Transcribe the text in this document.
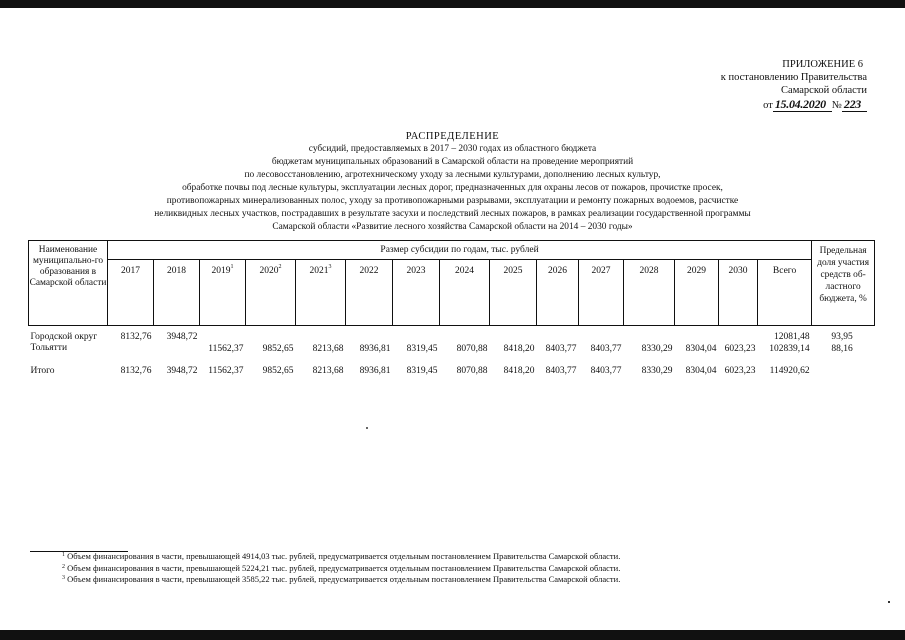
ПРИЛОЖЕНИЕ 6
к постановлению Правительства
Самарской области
от 15.04.2020 № 223
РАСПРЕДЕЛЕНИЕ
субсидий, предоставляемых в 2017 – 2030 годах из областного бюджета
бюджетам муниципальных образований в Самарской области на проведение мероприятий
по лесовосстановлению, агротехническому уходу за лесными культурами, дополнению лесных культур,
обработке почвы под лесные культуры, эксплуатации лесных дорог, предназначенных для охраны лесов от пожаров, прочистке просек,
противопожарных минерализованных полос, уходу за противопожарными разрывами, эксплуатации и ремонту пожарных водоемов, расчистке
неликвидных лесных участков, пострадавших в результате засухи и последствий лесных пожаров, в рамках реализации государственной программы
Самарской области «Развитие лесного хозяйства Самарской области на 2014 – 2030 годы»
Наименование муниципально-го образования в Самарской области	Размер субсидии по годам, тыс. рублей															Предельная доля участия средств об-ластного бюджета, %
	2017	2018	2019$^1$	2020$^2$	2021$^3$	2022	2023	2024	2025	2026	2027	2028	2029	2030	Всего	
Городской округ Тольятти	8132,76	3948,72													12081,48	93,95
			11562,37	9852,65	8213,68	8936,81	8319,45	8070,88	8418,20	8403,77	8403,77	8330,29	8304,04	6023,23	102839,14	88,16
Итого	8132,76	3948,72	11562,37	9852,65	8213,68	8936,81	8319,45	8070,88	8418,20	8403,77	8403,77	8330,29	8304,04	6023,23	114920,62	
$^1$ Объем финансирования в части, превышающей 4914,03 тыс. рублей, предусматривается отдельным постановлением Правительства Самарской области.
$^2$ Объем финансирования в части, превышающей 5224,21 тыс. рублей, предусматривается отдельным постановлением Правительства Самарской области.
$^3$ Объем финансирования в части, превышающей 3585,22 тыс. рублей, предусматривается отдельным постановлением Правительства Самарской области.
